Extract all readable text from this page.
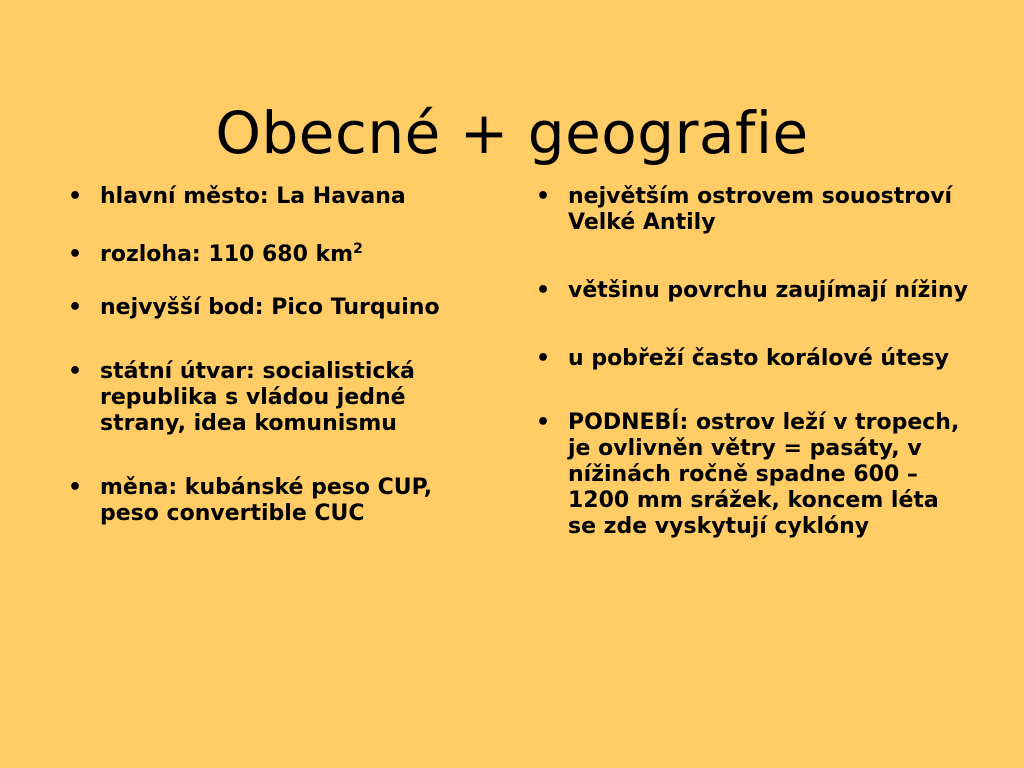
Obecné + geografie
• hlavní město: La Havana
• rozloha: 110 680 $km^2$
• nejvyšší bod: Pico Turquino
• státní útvar: socialistická republika s vládou jedné strany, idea komunismu
• měna: kubánské peso CUP, peso convertible CUC
• největším ostrovem souostroví Velké Antily
• většinu povrchu zaujímají nížiny
• u pobřeží často korálové útesy
• PODNEBÍ: ostrov leží v tropech, je ovlivněn větry = pasáty, v nížinách ročně spadne 600 – 1200 mm srážek, koncem léta se zde vyskytují cyklóny
